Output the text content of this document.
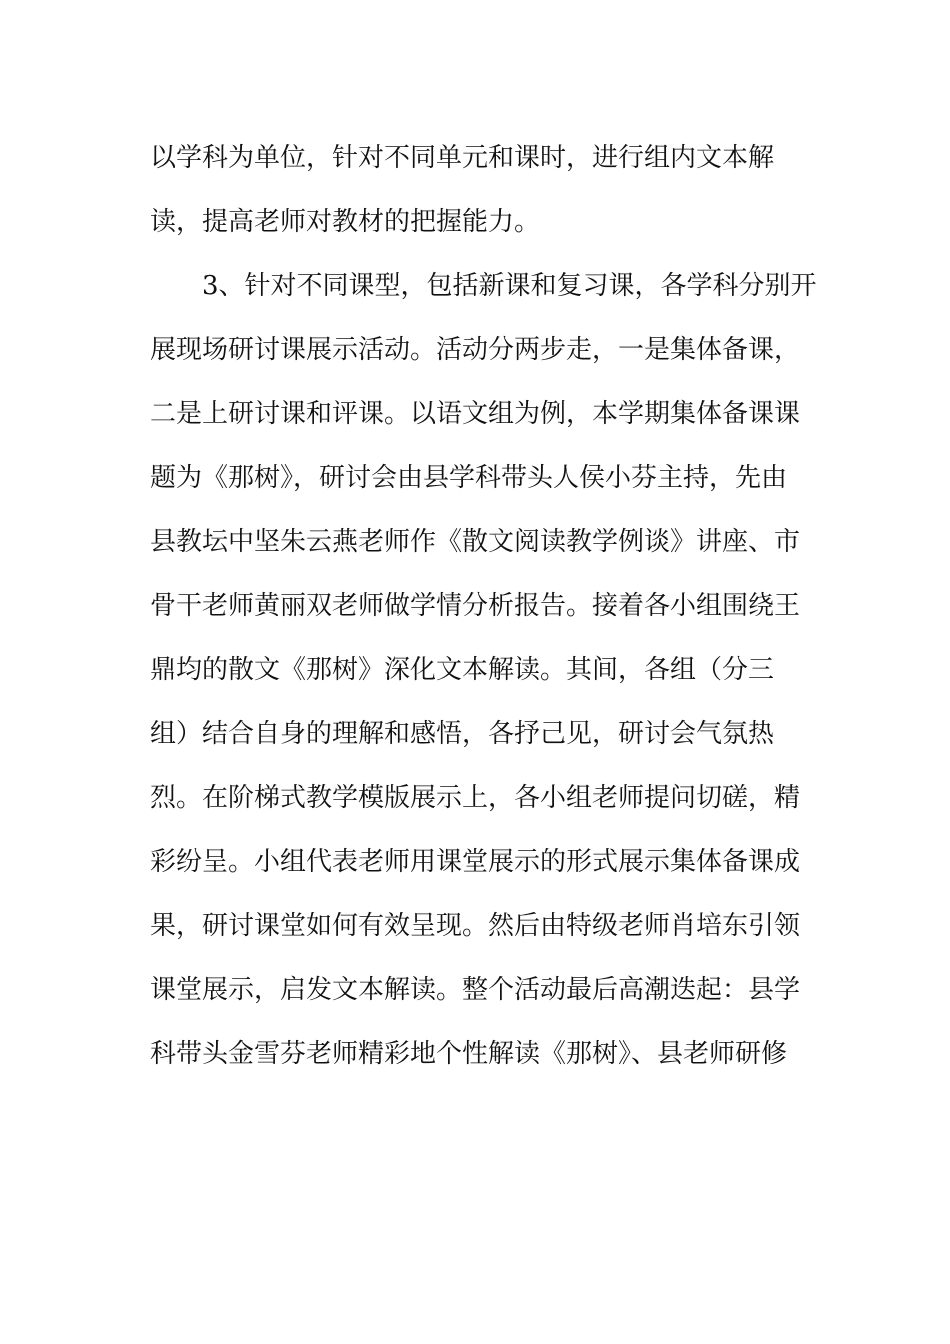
以学科为单位，针对不同单元和课时，进行组内文本解
读，提高老师对教材的把握能力。
3、针对不同课型，包括新课和复习课，各学科分别开
展现场研讨课展示活动。活动分两步走，一是集体备课，
二是上研讨课和评课。以语文组为例，本学期集体备课课
题为《那树》，研讨会由县学科带头人侯小芬主持，先由
县教坛中坚朱云燕老师作《散文阅读教学例谈》讲座、市
骨干老师黄丽双老师做学情分析报告。接着各小组围绕王
鼎均的散文《那树》深化文本解读。其间，各组（分三
组）结合自身的理解和感悟，各抒己见，研讨会气氛热
烈。在阶梯式教学模版展示上，各小组老师提问切磋，精
彩纷呈。小组代表老师用课堂展示的形式展示集体备课成
果，研讨课堂如何有效呈现。然后由特级老师肖培东引领
课堂展示，启发文本解读。整个活动最后高潮迭起：县学
科带头金雪芬老师精彩地个性解读《那树》、县老师研修
